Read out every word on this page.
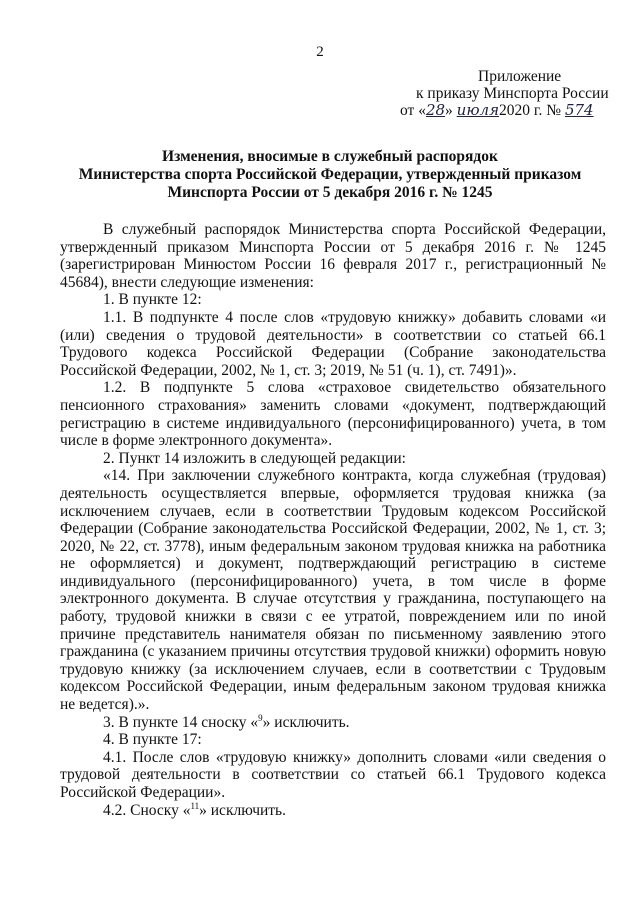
2
Приложение
к приказу Минспорта России
от «28» июля2020 г. № 574
Изменения, вносимые в служебный распорядок
Министерства спорта Российской Федерации, утвержденный приказом
Минспорта России от 5 декабря 2016 г. № 1245

В служебный распорядок Министерства спорта Российской Федерации, утвержденный приказом Минспорта России от 5 декабря 2016 г. № 1245 (зарегистрирован Минюстом России 16 февраля 2017 г., регистрационный № 45684), внести следующие изменения:

1. В пункте 12:

1.1. В подпункте 4 после слов «трудовую книжку» добавить словами «и (или) сведения о трудовой деятельности» в соответствии со статьей 66.1 Трудового кодекса Российской Федерации (Собрание законодательства Российской Федерации, 2002, № 1, ст. 3; 2019, № 51 (ч. 1), ст. 7491)».

1.2. В подпункте 5 слова «страховое свидетельство обязательного пенсионного страхования» заменить словами «документ, подтверждающий регистрацию в системе индивидуального (персонифицированного) учета, в том числе в форме электронного документа».

2. Пункт 14 изложить в следующей редакции:

«14. При заключении служебного контракта, когда служебная (трудовая) деятельность осуществляется впервые, оформляется трудовая книжка (за исключением случаев, если в соответствии Трудовым кодексом Российской Федерации (Собрание законодательства Российской Федерации, 2002, № 1, ст. 3; 2020, № 22, ст. 3778), иным федеральным законом трудовая книжка на работника не оформляется) и документ, подтверждающий регистрацию в системе индивидуального (персонифицированного) учета, в том числе в форме электронного документа. В случае отсутствия у гражданина, поступающего на работу, трудовой книжки в связи с ее утратой, повреждением или по иной причине представитель нанимателя обязан по письменному заявлению этого гражданина (с указанием причины отсутствия трудовой книжки) оформить новую трудовую книжку (за исключением случаев, если в соответствии с Трудовым кодексом Российской Федерации, иным федеральным законом трудовая книжка не ведется).».

3. В пункте 14 сноску «$^9$» исключить.

4. В пункте 17:

4.1. После слов «трудовую книжку» дополнить словами «или сведения о трудовой деятельности в соответствии со статьей 66.1 Трудового кодекса Российской Федерации».

4.2. Сноску «$^{11}$» исключить.
